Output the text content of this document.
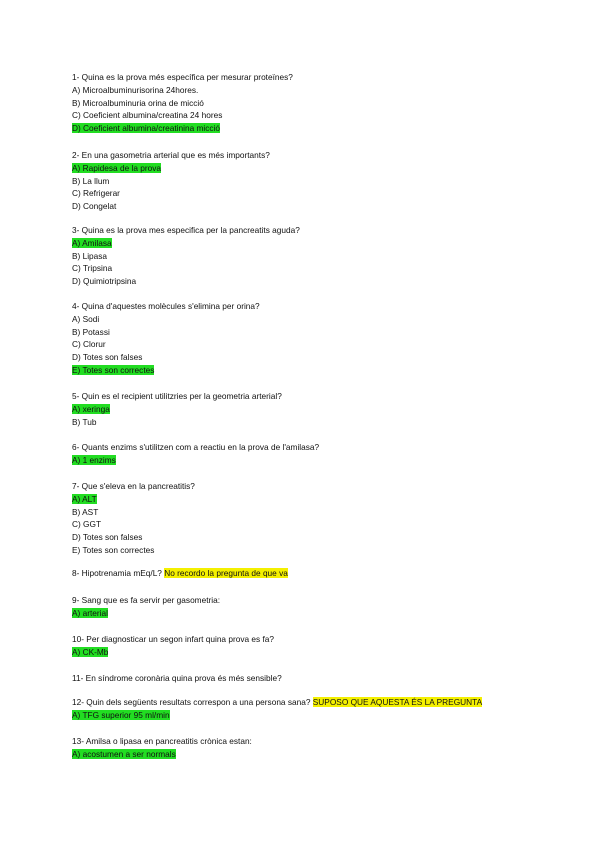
1- Quina es la prova més específica per mesurar proteïnes?
A) Microalbuminurisorina 24hores.
B) Microalbuminuria orina de micció
C) Coeficient albumina/creatina 24 hores
D) Coeficient albumina/creatinina micció
2- En una gasometria arterial que es més importants?
A) Rapidesa de la prova
B) La llum
C) Refrigerar
D) Congelat
3- Quina es la prova mes especifica per la pancreatits aguda?
A) Amilasa
B) Lipasa
C) Tripsina
D) Quimiotripsina
4- Quina d'aquestes molècules s'elimina per orina?
A) Sodi
B) Potassi
C) Clorur
D) Totes son falses
E) Totes son correctes
5- Quin es el recipient utilitzries per la geometria arterial?
A) xeringa
B) Tub
6- Quants enzims s'utilitzen com a reactiu en la prova de l'amilasa?
A) 1 enzims
7- Que s'eleva en la pancreatitis?
A) ALT
B) AST
C) GGT
D) Totes son falses
E) Totes son correctes
8- Hipotrenamia mEq/L? No recordo la pregunta de que va
9- Sang que es fa servir per gasometria:
A) arterial
10- Per diagnosticar un segon infart quina prova es fa?
A) CK-Mb
11- En síndrome coronària quina prova és més sensible?
12- Quin dels següents resultats correspon a una persona sana? SUPOSO QUE AQUESTA ÉS LA PREGUNTA
A) TFG superior 95 ml/min
13- Amilsa o lipasa en pancreatitis crònica estan:
A) acostumen a ser normals
